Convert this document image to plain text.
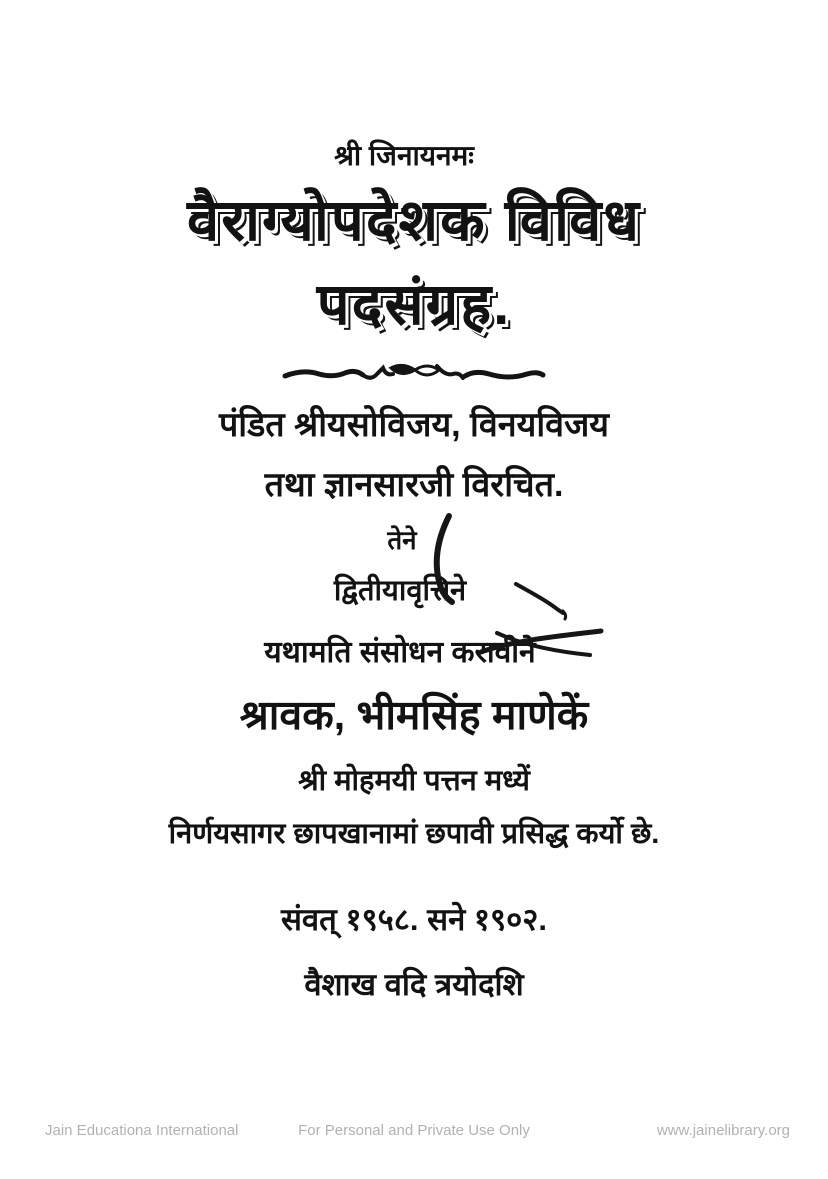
श्री जिनायनमः
वैराग्योपदेशक विविध
पदसंग्रह.
पंडित श्रीयसोविजय, विनयविजय
तथा ज्ञानसारजी विरचित.
तेने
द्वितीयावृत्तिने
यथामति संसोधन करावीने
श्रावक, भीमसिंह माणेकें
श्री मोहमयी पत्तन मध्यें
निर्णयसागर छापखानामां छपावी प्रसिद्ध कर्यो छे.
संवत् १९५८. सने १९०२.
वैशाख वदि त्रयोदशि
Jain Educationa International	For Personal and Private Use Only	www.jainelibrary.org
